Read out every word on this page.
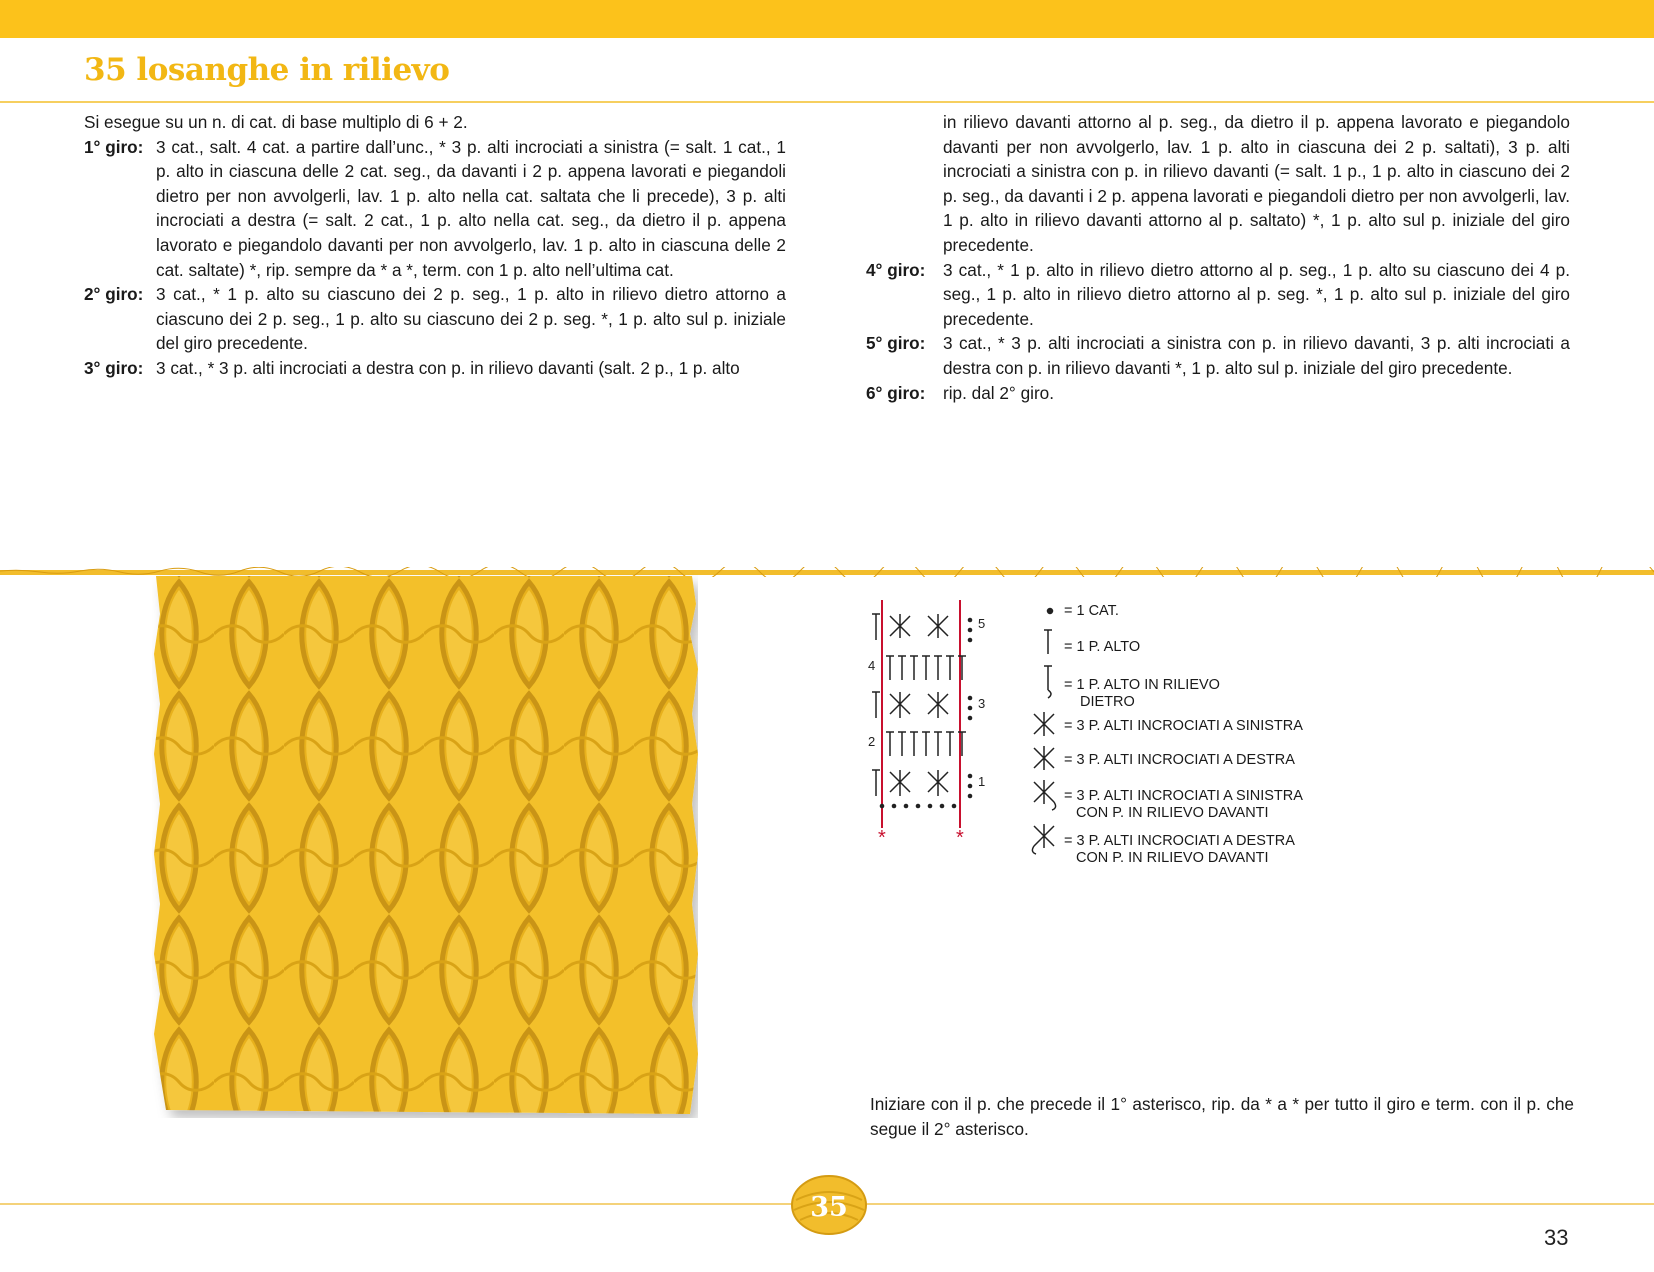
35 losanghe in rilievo

Si esegue su un n. di cat. di base multiplo di 6 + 2.

1° giro: 3 cat., salt. 4 cat. a partire dall’unc., * 3 p. alti incrociati a sinistra (= salt. 1 cat., 1 p. alto in ciascuna delle 2 cat. seg., da davanti i 2 p. appena lavorati e piegandoli dietro per non avvolgerli, lav. 1 p. alto nella cat. saltata che li precede), 3 p. alti incrociati a destra (= salt. 2 cat., 1 p. alto nella cat. seg., da dietro il p. appena lavorato e piegandolo davanti per non avvolgerlo, lav. 1 p. alto in ciascuna delle 2 cat. saltate) *, rip. sempre da * a *, term. con 1 p. alto nell’ultima cat.
2° giro: 3 cat., * 1 p. alto su ciascuno dei 2 p. seg., 1 p. alto in rilievo dietro attorno a ciascuno dei 2 p. seg., 1 p. alto su ciascuno dei 2 p. seg. *, 1 p. alto sul p. iniziale del giro precedente.
3° giro: 3 cat., * 3 p. alti incrociati a destra con p. in rilievo davanti (salt. 2 p., 1 p. alto

in rilievo davanti attorno al p. seg., da dietro il p. appena lavorato e piegandolo davanti per non avvolgerlo, lav. 1 p. alto in ciascuna dei 2 p. saltati), 3 p. alti incrociati a sinistra con p. in rilievo davanti (= salt. 1 p., 1 p. alto in ciascuno dei 2 p. seg., da davanti i 2 p. appena lavorati e piegandoli dietro per non avvolgerli, lav. 1 p. alto in rilievo davanti attorno al p. saltato) *, 1 p. alto sul p. iniziale del giro precedente.

4° giro:	3 cat., * 1 p. alto in rilievo dietro attorno al p. seg., 1 p. alto su ciascuno dei 4 p. seg., 1 p. alto in rilievo dietro attorno al p. seg. *, 1 p. alto sul p. iniziale del giro precedente.
5° giro:	3 cat., * 3 p. alti incrociati a sinistra con p. in rilievo davanti, 3 p. alti incrociati a destra con p. in rilievo davanti *, 1 p. alto sul p. iniziale del giro precedente.
6° giro:	rip. dal 2° giro.
*	*
5
4
3
2
1
= 1 CAT.
= 1 P. ALTO
= 1 P. ALTO IN RILIEVO
DIETRO
= 3 P. ALTI INCROCIATI A SINISTRA
= 3 P. ALTI INCROCIATI A DESTRA
= 3 P. ALTI INCROCIATI A SINISTRA
CON P. IN RILIEVO DAVANTI
= 3 P. ALTI INCROCIATI A DESTRA
CON P. IN RILIEVO DAVANTI

Iniziare con il p. che precede il 1° asterisco, rip. da * a * per tutto il giro e term. con il p. che segue il 2° asterisco.

35
33
